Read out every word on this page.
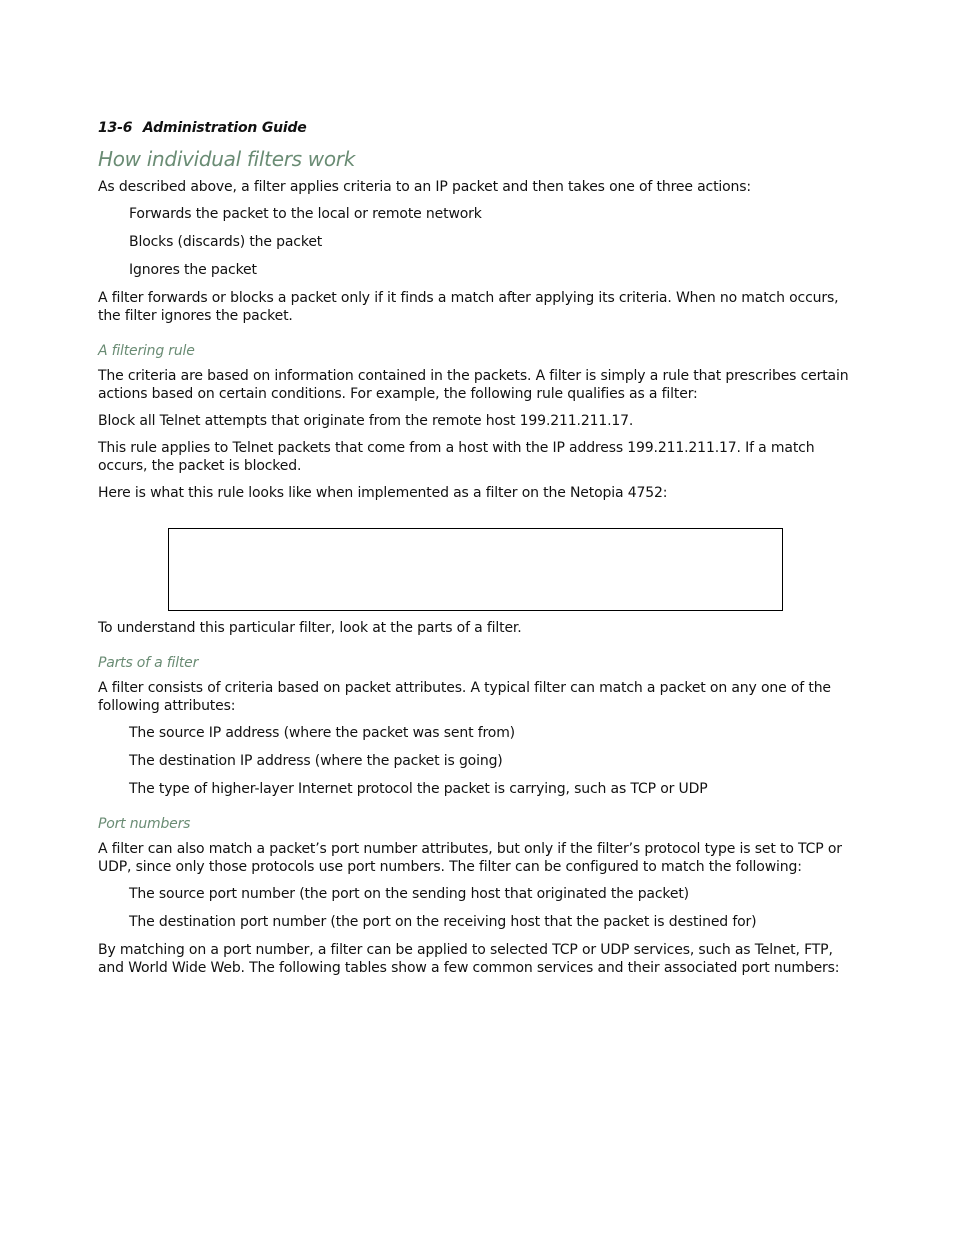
13-6 Administration Guide
How individual filters work

As described above, a filter applies criteria to an IP packet and then takes one of three actions:

Forwards the packet to the local or remote network

Blocks (discards) the packet

Ignores the packet

A filter forwards or blocks a packet only if it finds a match after applying its criteria. When no match occurs, the filter ignores the packet.

A filtering rule

The criteria are based on information contained in the packets. A filter is simply a rule that prescribes certain actions based on certain conditions. For example, the following rule qualifies as a filter:

Block all Telnet attempts that originate from the remote host 199.211.211.17.

This rule applies to Telnet packets that come from a host with the IP address 199.211.211.17. If a match occurs, the packet is blocked.

Here is what this rule looks like when implemented as a filter on the Netopia 4752:

To understand this particular filter, look at the parts of a filter.

Parts of a filter

A filter consists of criteria based on packet attributes. A typical filter can match a packet on any one of the following attributes:

The source IP address (where the packet was sent from)

The destination IP address (where the packet is going)

The type of higher-layer Internet protocol the packet is carrying, such as TCP or UDP

Port numbers

A filter can also match a packet’s port number attributes, but only if the filter’s protocol type is set to TCP or UDP, since only those protocols use port numbers. The filter can be configured to match the following:

The source port number (the port on the sending host that originated the packet)

The destination port number (the port on the receiving host that the packet is destined for)

By matching on a port number, a filter can be applied to selected TCP or UDP services, such as Telnet, FTP, and World Wide Web. The following tables show a few common services and their associated port numbers:
